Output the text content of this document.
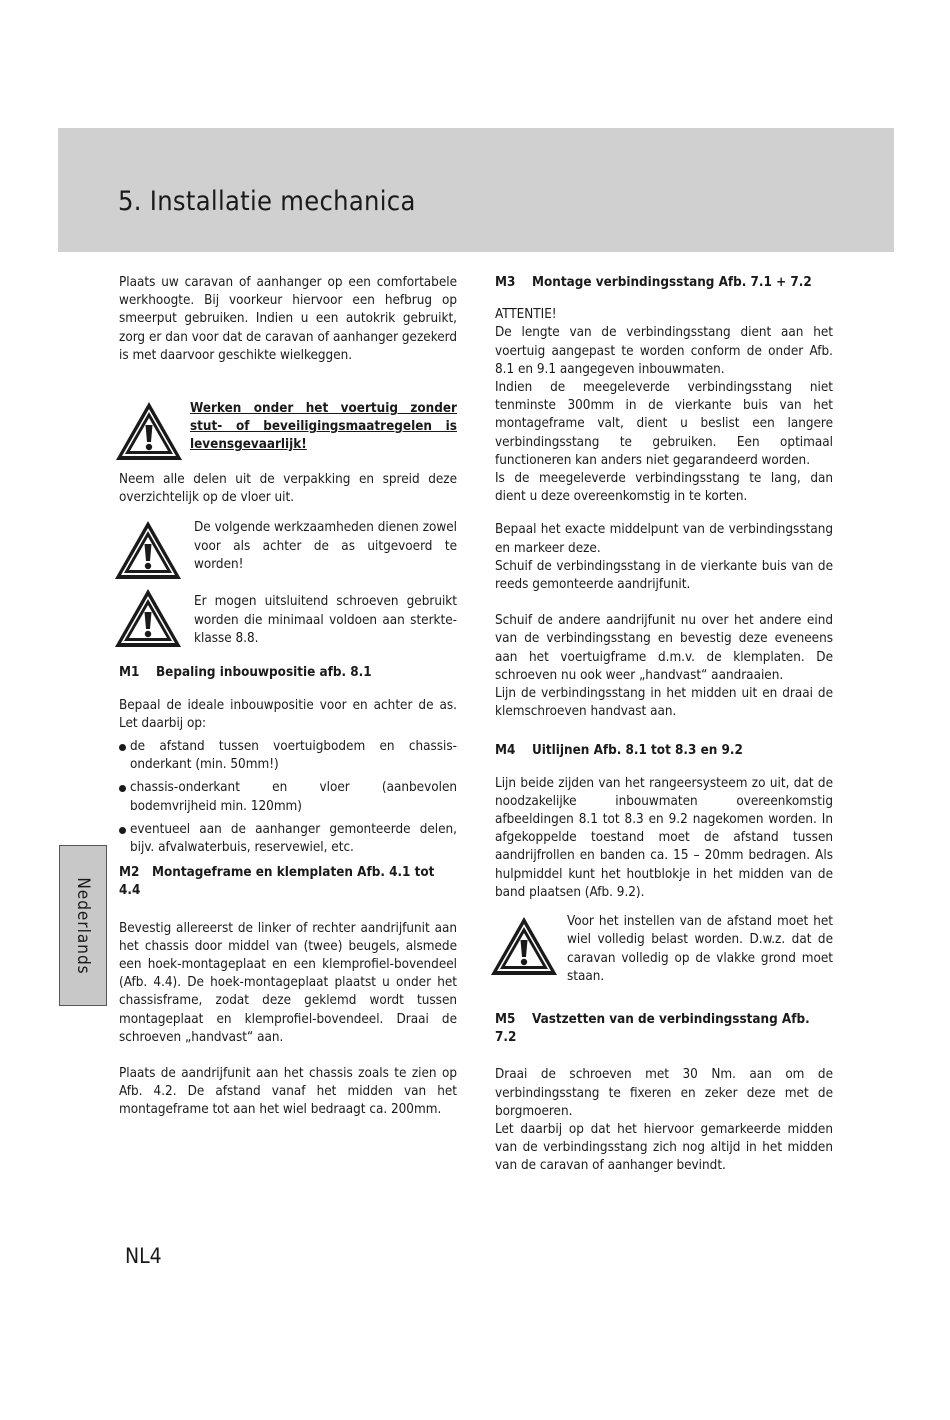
5. Installatie mechanica

Plaats uw caravan of aanhanger op een comfortabele werkhoogte. Bij voorkeur hiervoor een hefbrug op smeerput gebruiken. Indien u een autokrik gebruikt, zorg er dan voor dat de caravan of aanhanger gezekerd is met daarvoor geschikte wielkeggen.

Werken onder het voertuig zonder stut- of beveiligingsmaatregelen is levensgevaarlijk!

Neem alle delen uit de verpakking en spreid deze overzichtelijk op de vloer uit.

De volgende werkzaamheden dienen zowel voor als achter de as uitgevoerd te worden!
Er mogen uitsluitend schroeven gebruikt worden die minimaal voldoen aan sterkte- klasse 8.8.
M1 Bepaling inbouwpositie afb. 8.1

Bepaal de ideale inbouwpositie voor en achter de as. Let daarbij op:

de afstand tussen voertuigbodem en chassis- onderkant (min. 50mm!)
chassis-onderkant en vloer (aanbevolen bodemvrijheid min. 120mm)
eventueel aan de aanhanger gemonteerde delen, bijv. afvalwaterbuis, reservewiel, etc.
M2 Montageframe en klemplaten Afb. 4.1 tot 4.4

Bevestig allereerst de linker of rechter aandrijfunit aan het chassis door middel van (twee) beugels, alsmede een hoek-montageplaat en een klemprofiel-bovendeel (Afb. 4.4). De hoek-montageplaat plaatst u onder het chassisframe, zodat deze geklemd wordt tussen montageplaat en klemprofiel-bovendeel. Draai de schroeven „handvast“ aan.

Plaats de aandrijfunit aan het chassis zoals te zien op Afb. 4.2. De afstand vanaf het midden van het montageframe tot aan het wiel bedraagt ca. 200mm.

M3 Montage verbindingsstang Afb. 7.1 + 7.2

ATTENTIE!

De lengte van de verbindingsstang dient aan het voertuig aangepast te worden conform de onder Afb. 8.1 en 9.1 aangegeven inbouwmaten.

Indien de meegeleverde verbindingsstang niet tenminste 300mm in de vierkante buis van het montageframe valt, dient u beslist een langere verbindingsstang te gebruiken. Een optimaal functioneren kan anders niet gegarandeerd worden.

Is de meegeleverde verbindingsstang te lang, dan dient u deze overeenkomstig in te korten.

Bepaal het exacte middelpunt van de verbindingsstang en markeer deze.

Schuif de verbindingsstang in de vierkante buis van de reeds gemonteerde aandrijfunit.

Schuif de andere aandrijfunit nu over het andere eind van de verbindingsstang en bevestig deze eveneens aan het voertuigframe d.m.v. de klemplaten. De schroeven nu ook weer „handvast“ aandraaien.

Lijn de verbindingsstang in het midden uit en draai de klemschroeven handvast aan.

M4 Uitlijnen Afb. 8.1 tot 8.3 en 9.2

Lijn beide zijden van het rangeersysteem zo uit, dat de noodzakelijke inbouwmaten overeenkomstig afbeeldingen 8.1 tot 8.3 en 9.2 nagekomen worden. In afgekoppelde toestand moet de afstand tussen aandrijfrollen en banden ca. 15 – 20mm bedragen. Als hulpmiddel kunt het houtblokje in het midden van de band plaatsen (Afb. 9.2).

Voor het instellen van de afstand moet het wiel volledig belast worden. D.w.z. dat de caravan volledig op de vlakke grond moet staan.
M5 Vastzetten van de verbindingsstang Afb. 7.2

Draai de schroeven met 30 Nm. aan om de verbindingsstang te fixeren en zeker deze met de borgmoeren.

Let daarbij op dat het hiervoor gemarkeerde midden van de verbindingsstang zich nog altijd in het midden van de caravan of aanhanger bevindt.

Nederlands
NL4
